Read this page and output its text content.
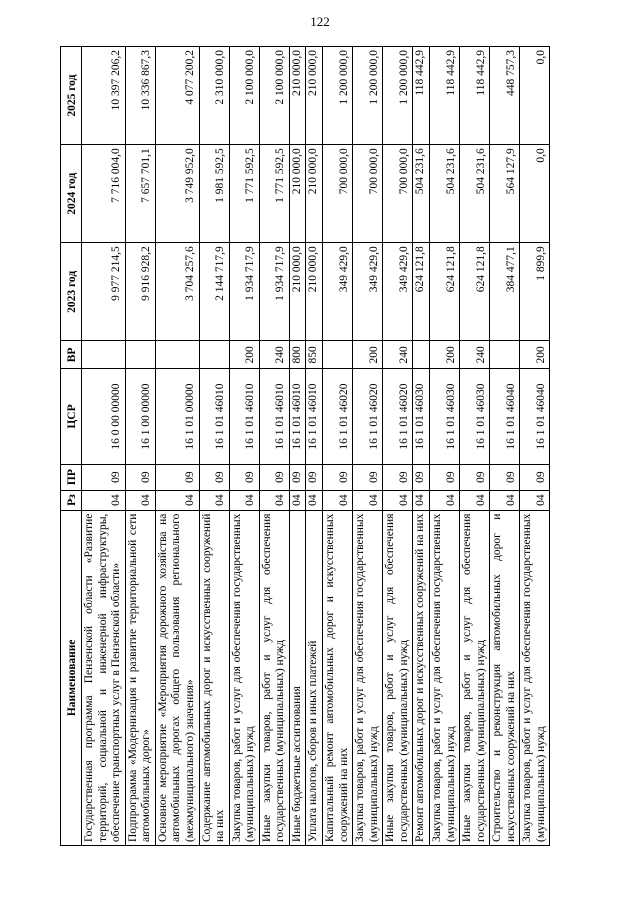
122
Наименование	Рз	ПР	ЦСР	ВР	2023 год	2024 год	2025 год
Государственная программа Пензенской области «Развитие территорий, социальной и инженерной инфраструктуры, обеспечение транспортных услуг в Пензенской области»	04	09	16 0 00 00000		9 977 214,5	7 716 004,0	10 397 206,2
Подпрограмма «Модернизация и развитие территориальной сети автомобильных дорог»	04	09	16 1 00 00000		9 916 928,2	7 657 701,1	10 336 867,3
Основное мероприятие «Мероприятия дорожного хозяйства на автомобильных дорогах общего пользования регионального (межмуниципального) значения»	04	09	16 1 01 00000		3 704 257,6	3 749 952,0	4 077 200,2
Содержание автомобильных дорог и искусственных сооружений на них	04	09	16 1 01 46010		2 144 717,9	1 981 592,5	2 310 000,0
Закупка товаров, работ и услуг для обеспечения государственных (муниципальных) нужд	04	09	16 1 01 46010	200	1 934 717,9	1 771 592,5	2 100 000,0
Иные закупки товаров, работ и услуг для обеспечения государственных (муниципальных) нужд	04	09	16 1 01 46010	240	1 934 717,9	1 771 592,5	2 100 000,0
Иные бюджетные ассигнования	04	09	16 1 01 46010	800	210 000,0	210 000,0	210 000,0
Уплата налогов, сборов и иных платежей	04	09	16 1 01 46010	850	210 000,0	210 000,0	210 000,0
Капитальный ремонт автомобильных дорог и искусственных сооружений на них	04	09	16 1 01 46020		349 429,0	700 000,0	1 200 000,0
Закупка товаров, работ и услуг для обеспечения государственных (муниципальных) нужд	04	09	16 1 01 46020	200	349 429,0	700 000,0	1 200 000,0
Иные закупки товаров, работ и услуг для обеспечения государственных (муниципальных) нужд	04	09	16 1 01 46020	240	349 429,0	700 000,0	1 200 000,0
Ремонт автомобильных дорог и искусственных сооружений на них	04	09	16 1 01 46030		624 121,8	504 231,6	118 442,9
Закупка товаров, работ и услуг для обеспечения государственных (муниципальных) нужд	04	09	16 1 01 46030	200	624 121,8	504 231,6	118 442,9
Иные закупки товаров, работ и услуг для обеспечения государственных (муниципальных) нужд	04	09	16 1 01 46030	240	624 121,8	504 231,6	118 442,9
Строительство и реконструкция автомобильных дорог и искусственных сооружений на них	04	09	16 1 01 46040		384 477,1	564 127,9	448 757,3
Закупка товаров, работ и услуг для обеспечения государственных (муниципальных) нужд	04	09	16 1 01 46040	200	1 899,9	0,0	0,0
